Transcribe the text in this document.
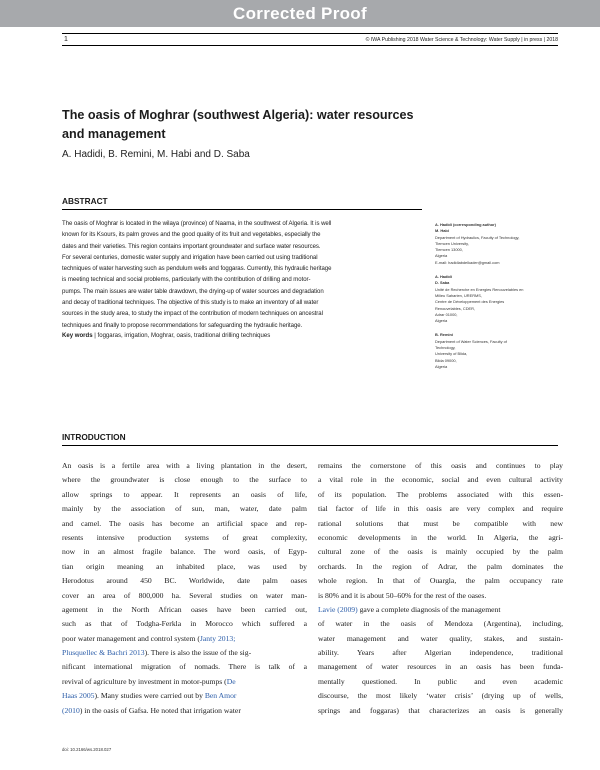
Corrected Proof
1	© IWA Publishing 2018 Water Science & Technology: Water Supply | in press | 2018
The oasis of Moghrar (southwest Algeria): water resources
and management
A. Hadidi, B. Remini, M. Habi and D. Saba
ABSTRACT
The oasis of Moghrar is located in the wilaya (province) of Naama, in the southwest of Algeria. It is well
known for its Ksours, its palm groves and the good quality of its fruit and vegetables, especially the
dates and their varieties. This region contains important groundwater and surface water resources.
For several centuries, domestic water supply and irrigation have been carried out using traditional
techniques of water harvesting such as pendulum wells and foggaras. Currently, this hydraulic heritage
is meeting technical and social problems, particularly with the contribution of drilling and motor-
pumps. The main issues are water table drawdown, the drying-up of water sources and degradation
and decay of traditional techniques. The objective of this study is to make an inventory of all water
sources in the study area, to study the impact of the contribution of modern techniques on ancestral
techniques and finally to propose recommendations for safeguarding the hydraulic heritage.
Key words | foggaras, irrigation, Moghrar, oasis, traditional drilling techniques
A. Hadidi (corresponding author)
M. Habi
Department of Hydraulics, Faculty of Technology,
Tlemcen University,
Tlemcen 13000,
Algeria
E-mail: hadidiabdelkader@gmail.com
A. Hadidi
D. Saba
Unité de Recherche en Energies Renouvelables en
Milieu Saharien, URERMS,
Centre de Développement des Energies
Renouvelables, CDER,
Adrar 01000,
Algeria
B. Remini
Department of Water Sciences, Faculty of
Technology,
University of Blida,
Blida 09000,
Algeria
INTRODUCTION
An oasis is a fertile area with a living plantation in the desert,
where the groundwater is close enough to the surface to
allow springs to appear. It represents an oasis of life,
mainly by the association of sun, man, water, date palm
and camel. The oasis has become an artificial space and rep-
resents intensive production systems of great complexity,
now in an almost fragile balance. The word oasis, of Egyp-
tian origin meaning an inhabited place, was used by
Herodotus around 450 BC. Worldwide, date palm oases
cover an area of 800,000 ha. Several studies on water man-
agement in the North African oases have been carried out,
such as that of Todgha-Ferkla in Morocco which suffered a
poor water management and control system (Janty 2013;
Plusquellec & Bachri 2013). There is also the issue of the sig-
nificant international migration of nomads. There is talk of a
revival of agriculture by investment in motor-pumps (De
Haas 2005). Many studies were carried out by Ben Amor
(2010) in the oasis of Gafsa. He noted that irrigation water
remains the cornerstone of this oasis and continues to play
a vital role in the economic, social and even cultural activity
of its population. The problems associated with this essen-
tial factor of life in this oasis are very complex and require
rational solutions that must be compatible with new
economic developments in the world. In Algeria, the agri-
cultural zone of the oasis is mainly occupied by the palm
orchards. In the region of Adrar, the palm dominates the
whole region. In that of Ouargla, the palm occupancy rate
is 80% and it is about 50–60% for the rest of the oases.
Lavie (2009) gave a complete diagnosis of the management
of water in the oasis of Mendoza (Argentina), including,
water management and water quality, stakes, and sustain-
ability. Years after Algerian independence, traditional
management of water resources in an oasis has been funda-
mentally questioned. In public and even academic
discourse, the most likely ‘water crisis’ (drying up of wells,
springs and foggaras) that characterizes an oasis is generally
doi: 10.2166/ws.2018.027
